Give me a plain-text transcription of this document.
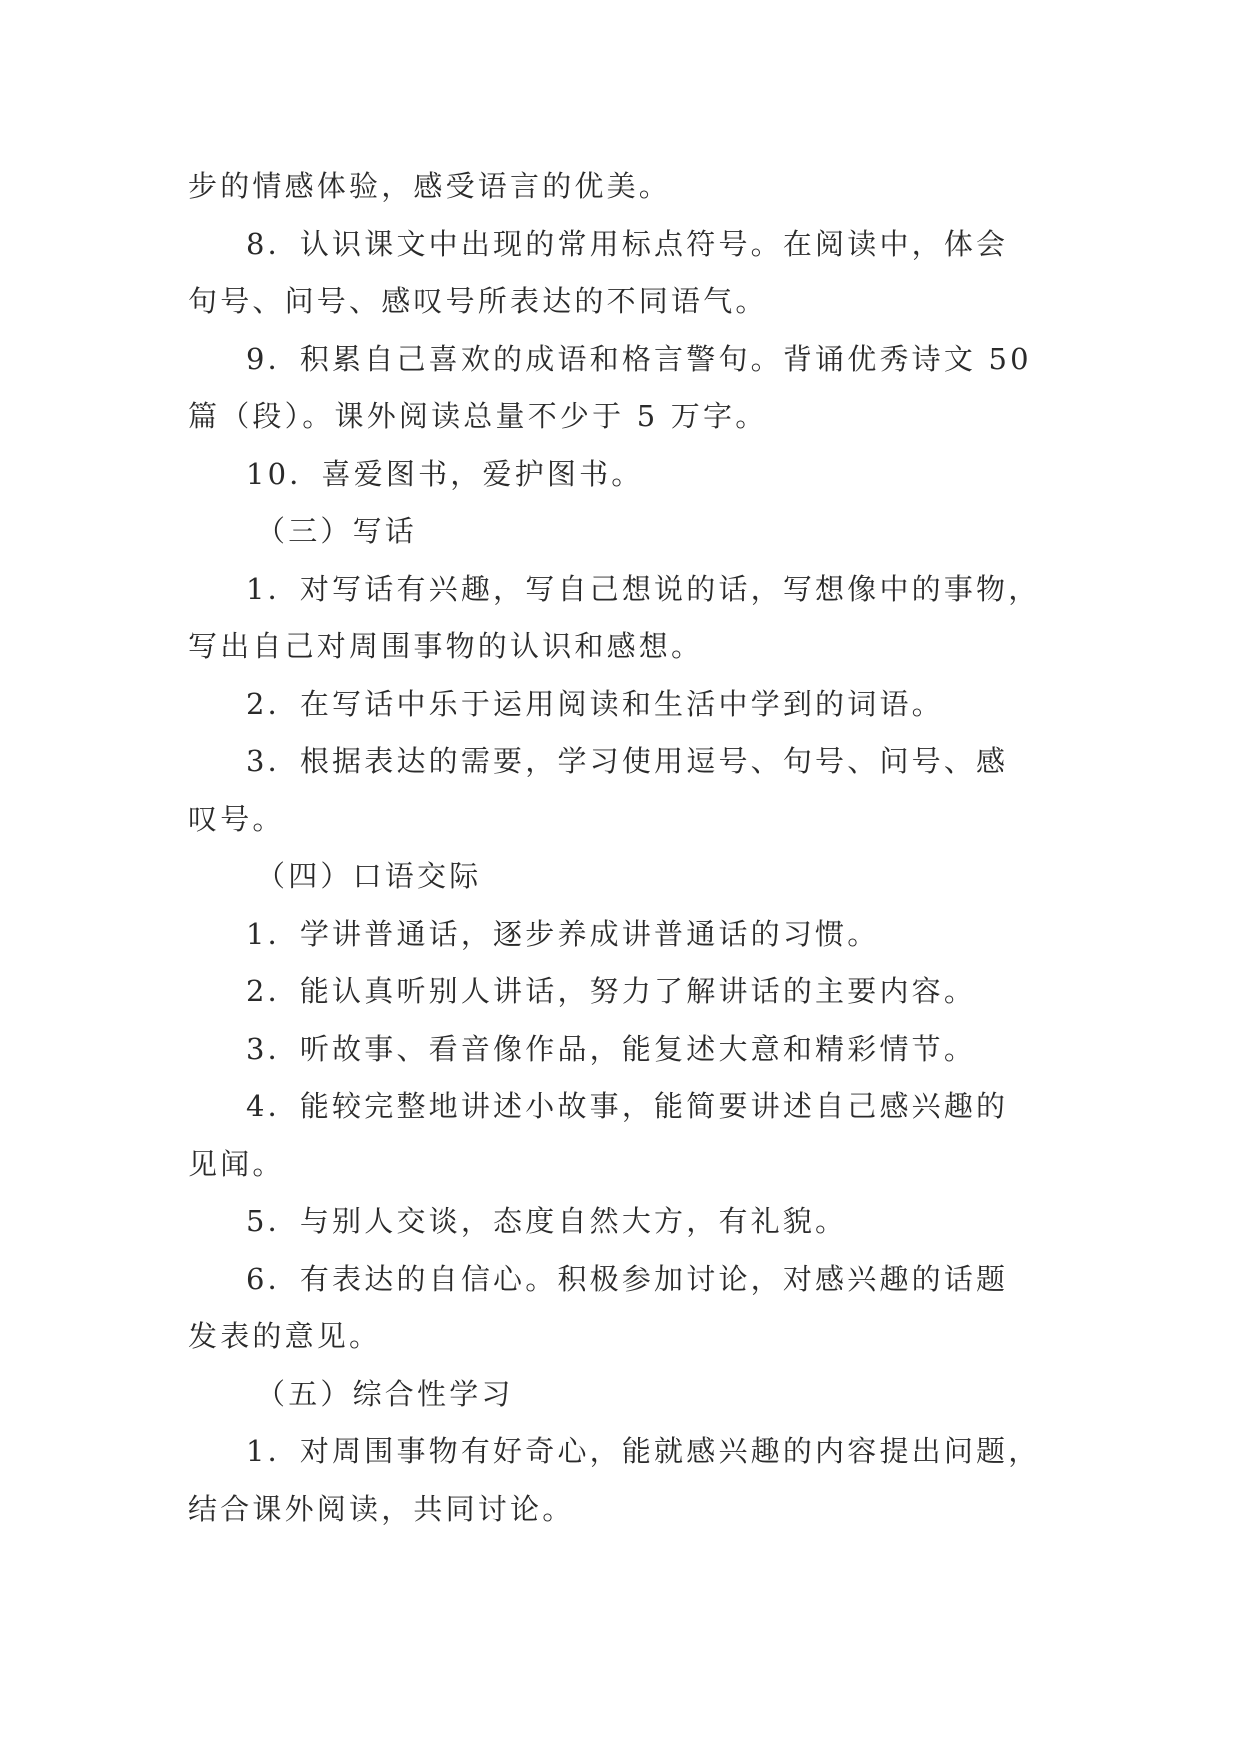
步的情感体验，感受语言的优美。

8．认识课文中出现的常用标点符号。在阅读中，体会

句号、问号、感叹号所表达的不同语气。

9．积累自己喜欢的成语和格言警句。背诵优秀诗文 50

篇（段）。课外阅读总量不少于 5 万字。

10．喜爱图书，爱护图书。

（三）写话

1．对写话有兴趣，写自己想说的话，写想像中的事物，

写出自己对周围事物的认识和感想。

2．在写话中乐于运用阅读和生活中学到的词语。

3．根据表达的需要，学习使用逗号、句号、问号、感

叹号。

（四）口语交际

1．学讲普通话，逐步养成讲普通话的习惯。

2．能认真听别人讲话，努力了解讲话的主要内容。

3．听故事、看音像作品，能复述大意和精彩情节。

4．能较完整地讲述小故事，能简要讲述自己感兴趣的

见闻。

5．与别人交谈，态度自然大方，有礼貌。

6．有表达的自信心。积极参加讨论，对感兴趣的话题

发表的意见。

（五）综合性学习

1．对周围事物有好奇心，能就感兴趣的内容提出问题，

结合课外阅读，共同讨论。
